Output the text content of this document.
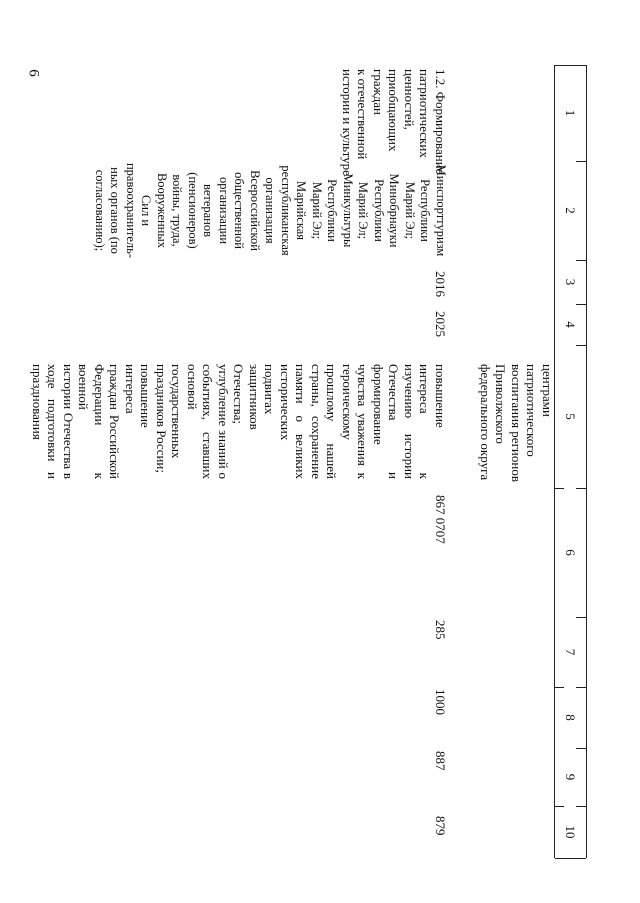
6
1
2
3
4
5
6
7
8
9
10
центрами
патриотического
воспитания регионов
Приволжского
федерального округа
1.2. Формирование
патриотических
ценностей,
приобщающих
граждан
к отечественной
истории и культуре
Минспорттуризм
Республики
Марий Эл;
Минобрнауки
Республики
Марий Эл;
Минкультуры
Республики
Марий Эл;
Марийская
республиканская
организация
Всероссийской
общественной
организации
ветеранов
(пенсионеров)
войны, труда,
Вооруженных
Сил и
правоохранитель-
ных органов (по
согласованию);
2016
2025
повышение интереса к
изучению истории
Отечества и
формирование
чувства уважения к
героическому
прошлому нашей
страны, сохранение
памяти о великих
исторических
подвигах защитников
Отечества;
углубление знаний о
событиях, ставших
основой
государственных
праздников России;
повышение интереса
граждан Российской
Федерации к военной
истории Отечества в
ходе подготовки и
празднования
867 0707
285
1000
887
879
